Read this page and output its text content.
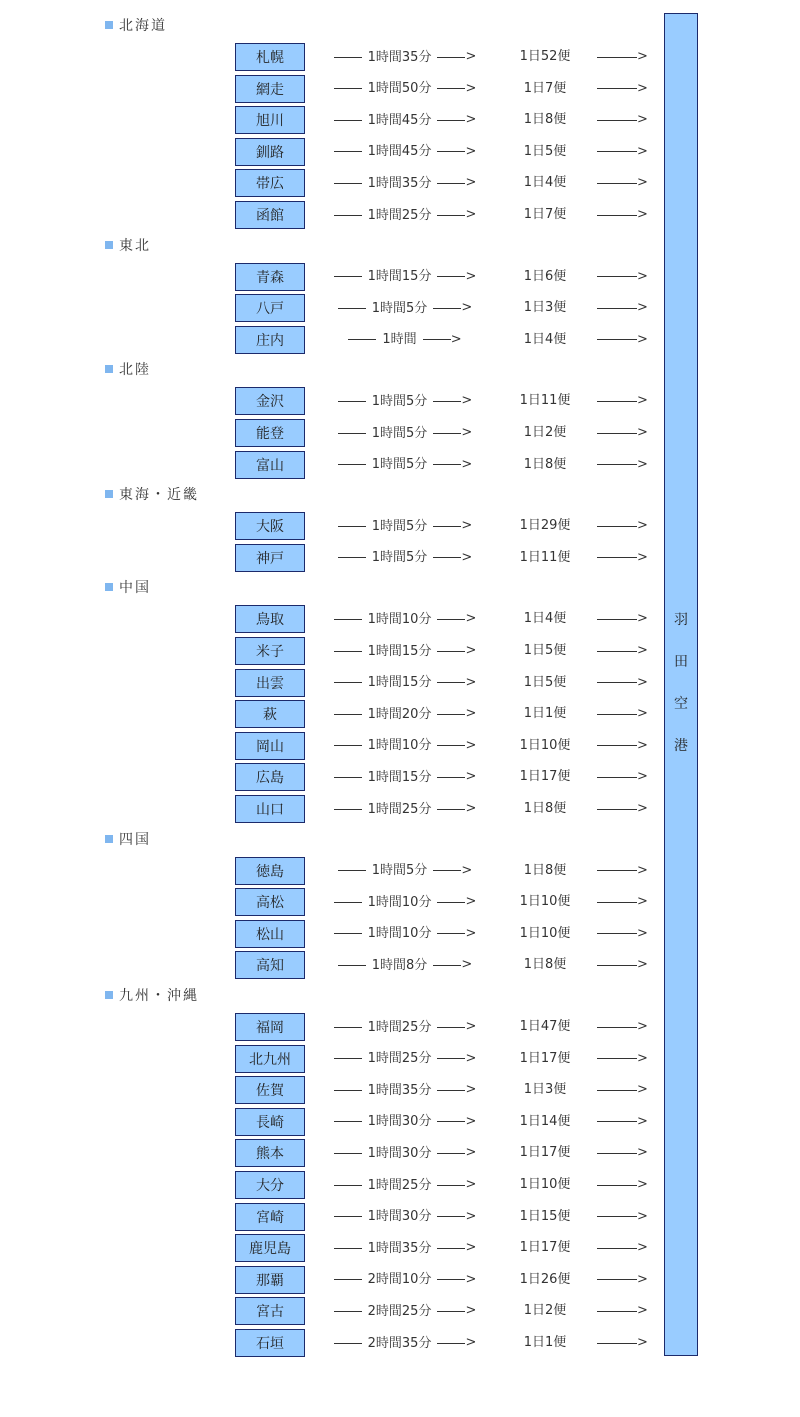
羽
田
空
港
北海道
札幌	1時間35分	>	1日52便	>
網走	1時間50分	>	1日7便	>
旭川	1時間45分	>	1日8便	>
釧路	1時間45分	>	1日5便	>
帯広	1時間35分	>	1日4便	>
函館	1時間25分	>	1日7便	>
東北
青森	1時間15分	>	1日6便	>
八戸	1時間5分	>	1日3便	>
庄内	1時間	>	1日4便	>
北陸
金沢	1時間5分	>	1日11便	>
能登	1時間5分	>	1日2便	>
富山	1時間5分	>	1日8便	>
東海・近畿
大阪	1時間5分	>	1日29便	>
神戸	1時間5分	>	1日11便	>
中国
鳥取	1時間10分	>	1日4便	>
米子	1時間15分	>	1日5便	>
出雲	1時間15分	>	1日5便	>
萩	1時間20分	>	1日1便	>
岡山	1時間10分	>	1日10便	>
広島	1時間15分	>	1日17便	>
山口	1時間25分	>	1日8便	>
四国
徳島	1時間5分	>	1日8便	>
高松	1時間10分	>	1日10便	>
松山	1時間10分	>	1日10便	>
高知	1時間8分	>	1日8便	>
九州・沖縄
福岡	1時間25分	>	1日47便	>
北九州	1時間25分	>	1日17便	>
佐賀	1時間35分	>	1日3便	>
長崎	1時間30分	>	1日14便	>
熊本	1時間30分	>	1日17便	>
大分	1時間25分	>	1日10便	>
宮崎	1時間30分	>	1日15便	>
鹿児島	1時間35分	>	1日17便	>
那覇	2時間10分	>	1日26便	>
宮古	2時間25分	>	1日2便	>
石垣	2時間35分	>	1日1便	>
